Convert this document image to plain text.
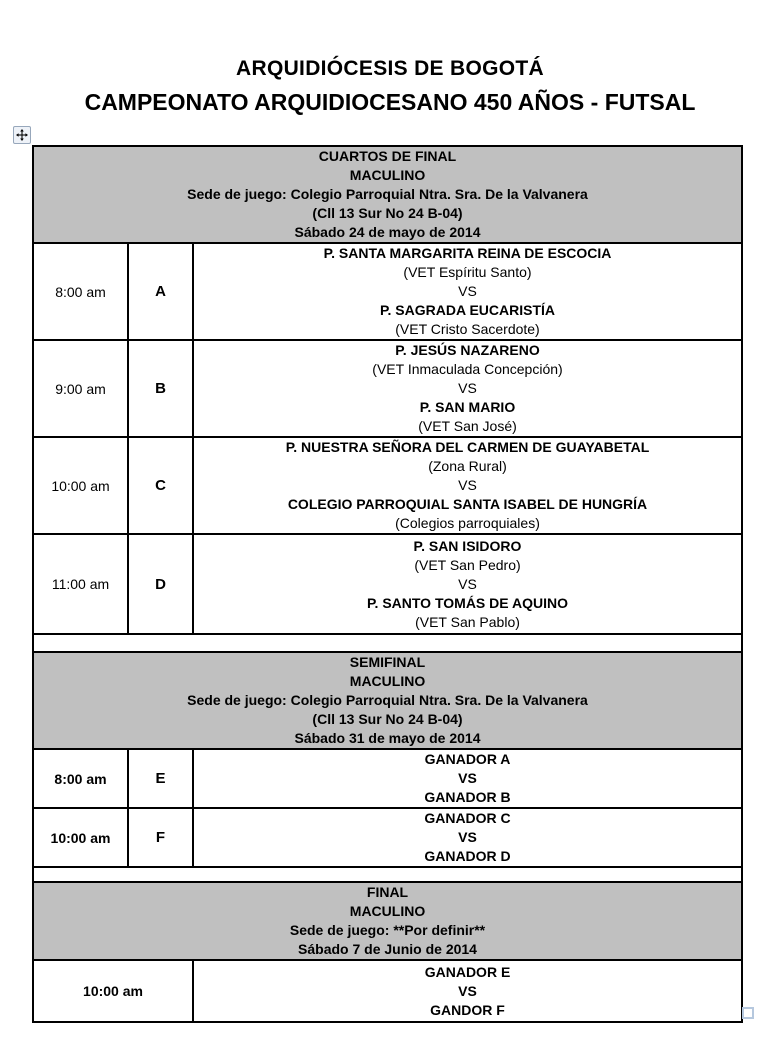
ARQUIDIÓCESIS DE BOGOTÁ
CAMPEONATO ARQUIDIOCESANO 450 AÑOS - FUTSAL
CUARTOS DE FINAL
MACULINO
Sede de juego: Colegio Parroquial Ntra. Sra. De la Valvanera
(Cll 13 Sur No 24 B-04)
Sábado 24 de mayo de 2014		

8:00 am	A	P. SANTA MARGARITA REINA DE ESCOCIA
(VET Espíritu Santo)
VS
P. SAGRADA EUCARISTÍA
(VET Cristo Sacerdote)

9:00 am	B	P. JESÚS NAZARENO
(VET Inmaculada Concepción)
VS
P. SAN MARIO
(VET San José)

10:00 am	C	P. NUESTRA SEÑORA DEL CARMEN DE GUAYABETAL
(Zona Rural)
VS
COLEGIO PARROQUIAL SANTA ISABEL DE HUNGRÍA
(Colegios parroquiales)

11:00 am	D	P. SAN ISIDORO
(VET San Pedro)
VS
P. SANTO TOMÁS DE AQUINO
(VET San Pablo)

SEMIFINAL
MACULINO
Sede de juego: Colegio Parroquial Ntra. Sra. De la Valvanera
(Cll 13 Sur No 24 B-04)
Sábado 31 de mayo de 2014		

8:00 am	E	GANADOR A
VS
GANADOR B

10:00 am	F	GANADOR C
VS
GANADOR D

FINAL
MACULINO
Sede de juego: **Por definir**
Sábado 7 de Junio de 2014		

10:00 am		GANADOR E
VS
GANDOR F
